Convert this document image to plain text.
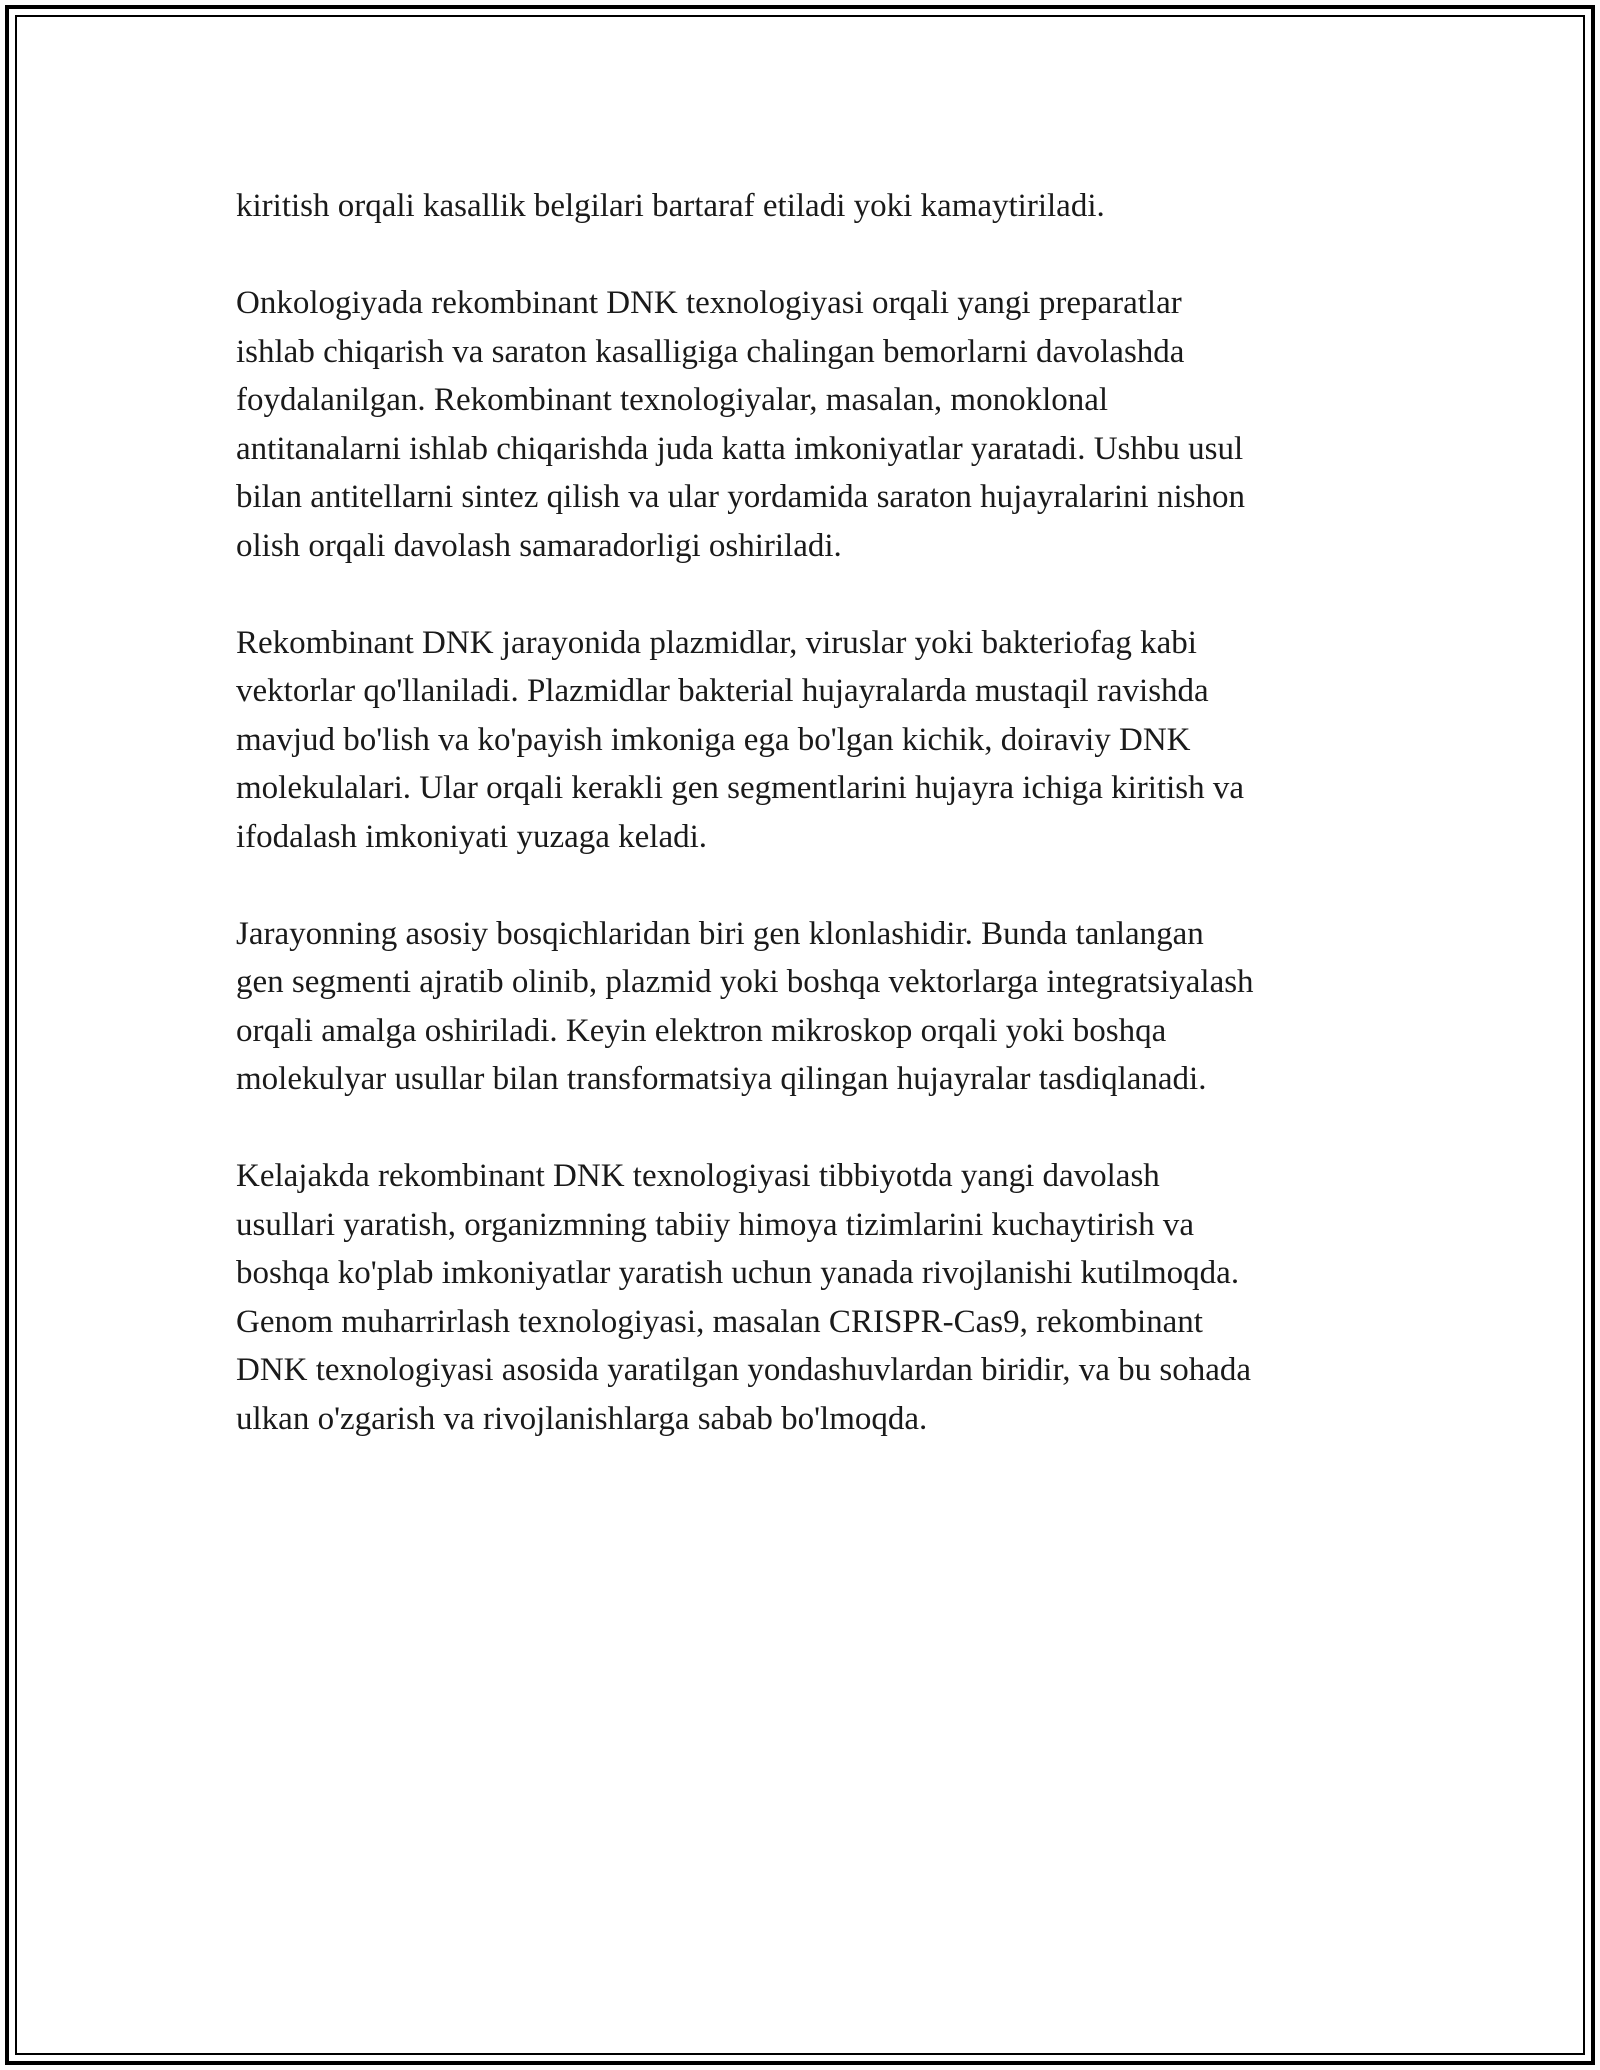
kiritish orqali kasallik belgilari bartaraf etiladi yoki kamaytiriladi.

Onkologiyada rekombinant DNK texnologiyasi orqali yangi preparatlar
ishlab chiqarish va saraton kasalligiga chalingan bemorlarni davolashda
foydalanilgan. Rekombinant texnologiyalar, masalan, monoklonal
antitanalarni ishlab chiqarishda juda katta imkoniyatlar yaratadi. Ushbu usul
bilan antitellarni sintez qilish va ular yordamida saraton hujayralarini nishon
olish orqali davolash samaradorligi oshiriladi.

Rekombinant DNK jarayonida plazmidlar, viruslar yoki bakteriofag kabi
vektorlar qo'llaniladi. Plazmidlar bakterial hujayralarda mustaqil ravishda
mavjud bo'lish va ko'payish imkoniga ega bo'lgan kichik, doiraviy DNK
molekulalari. Ular orqali kerakli gen segmentlarini hujayra ichiga kiritish va
ifodalash imkoniyati yuzaga keladi.

Jarayonning asosiy bosqichlaridan biri gen klonlashidir. Bunda tanlangan
gen segmenti ajratib olinib, plazmid yoki boshqa vektorlarga integratsiyalash
orqali amalga oshiriladi. Keyin elektron mikroskop orqali yoki boshqa
molekulyar usullar bilan transformatsiya qilingan hujayralar tasdiqlanadi.

Kelajakda rekombinant DNK texnologiyasi tibbiyotda yangi davolash
usullari yaratish, organizmning tabiiy himoya tizimlarini kuchaytirish va
boshqa ko'plab imkoniyatlar yaratish uchun yanada rivojlanishi kutilmoqda.
Genom muharrirlash texnologiyasi, masalan CRISPR-Cas9, rekombinant
DNK texnologiyasi asosida yaratilgan yondashuvlardan biridir, va bu sohada
ulkan o'zgarish va rivojlanishlarga sabab bo'lmoqda.
